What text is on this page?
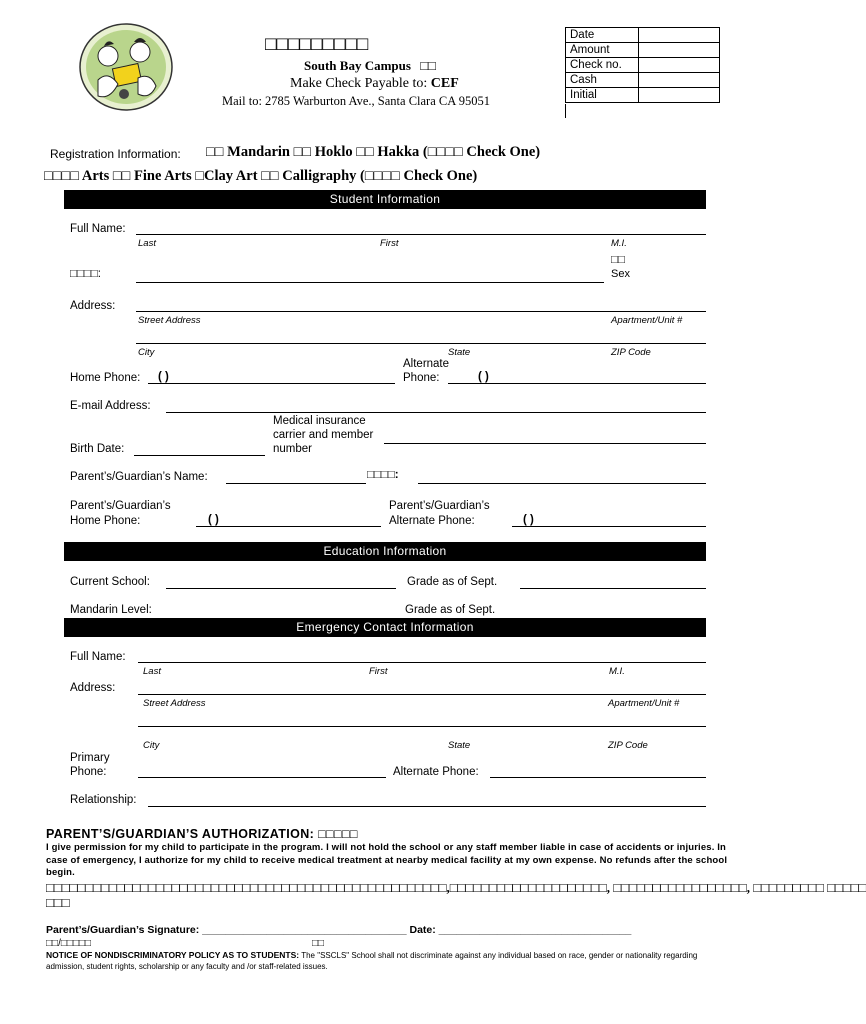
□□□□□□□□□
South Bay Campus □□
Make Check Payable to: CEF
Mail to: 2785 Warburton Ave., Santa Clara CA 95051
Date	
Amount	
Check no.	
Cash	
Initial	
Registration Information: □□ Mandarin □□ Hoklo □□ Hakka (□□□□ Check One)
□□□□ Arts □□ Fine Arts □Clay Art □□ Calligraphy (□□□□ Check One)
Student Information
Full Name:
Last	First	M.I.
□□□□:
□□
Sex
Address:
Street Address	Apartment/Unit #
City	State	ZIP Code
Home Phone: ( )
Alternate
Phone:	( )
E-mail Address:
Medical insurance
carrier and member
number
Birth Date:
Parent’s/Guardian’s Name:	□□□□:
Parent’s/Guardian’s
Home Phone:	( )
Parent’s/Guardian’s
Alternate Phone:	( )
Education Information
Current School:	Grade as of Sept.
Mandarin Level:	Grade as of Sept.
Emergency Contact Information
Full Name:
Last	First	M.I.
Address:
Street Address	Apartment/Unit #
City	State	ZIP Code
Primary
Phone:	Alternate Phone:
Relationship:
PARENT’S/GUARDIAN’S AUTHORIZATION: □□□□□
I give permission for my child to participate in the program. I will not hold the school or any staff member liable in case of accidents or injuries. In case of emergency, I authorize for my child to receive medical treatment at nearby medical facility at my own expense. No refunds after the school begin.
□□□□□□□□□□□□□□□□□□□□□□□□□□□□□□□□□□□□□□□□□□□□□□□□□□□,□□□□□□□□□□□□□□□□□□□□, □□□□□□□□□□□□□□□□□, □□□□□□□□□ □□□□□
□□□
Parent’s/Guardian’s Signature: ___________________________________ Date: _________________________________
□□/□□□□□	□□
NOTICE OF NONDISCRIMINATORY POLICY AS TO STUDENTS: The "SSCLS" School shall not discriminate against any individual based on race, gender or nationality regarding admission, student rights, scholarship or any faculty and /or staff-related issues.
